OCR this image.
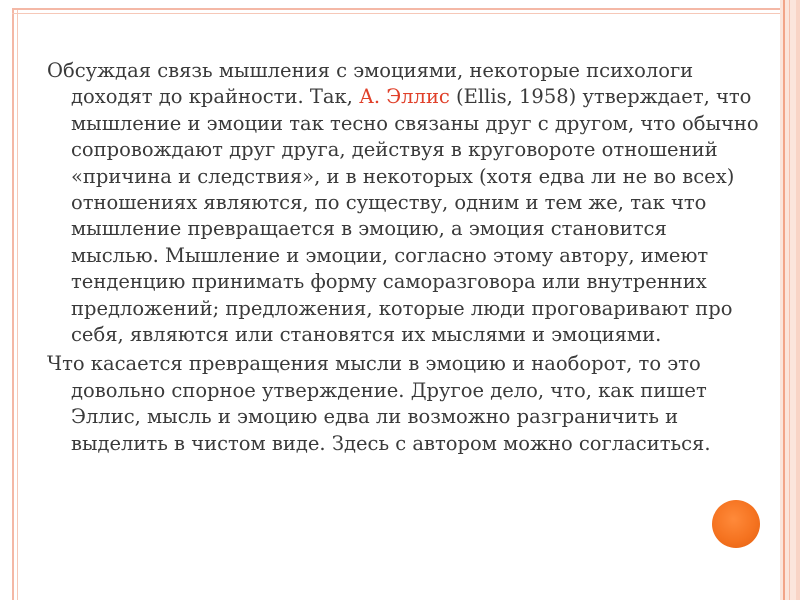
Обсуждая связь мышления с эмоциями, некоторые психологи доходят до крайности. Так, А. Эллис (Ellis, 1958) утверждает, что мышление и эмоции так тесно связаны друг с другом, что обычно сопровождают друг друга, действуя в круговороте отношений «причина и следствия», и в некоторых (хотя едва ли не во всех) отношениях являются, по существу, одним и тем же, так что мышление превращается в эмоцию, а эмоция становится мыслью. Мышление и эмоции, согласно этому автору, имеют тенденцию принимать форму саморазговора или внутренних предложений; предложения, которые люди проговаривают про себя, являются или становятся их мыслями и эмоциями.

Что касается превращения мысли в эмоцию и наоборот, то это довольно спорное утверждение. Другое дело, что, как пишет Эллис, мысль и эмоцию едва ли возможно разграничить и выделить в чистом виде. Здесь с автором можно согласиться.
